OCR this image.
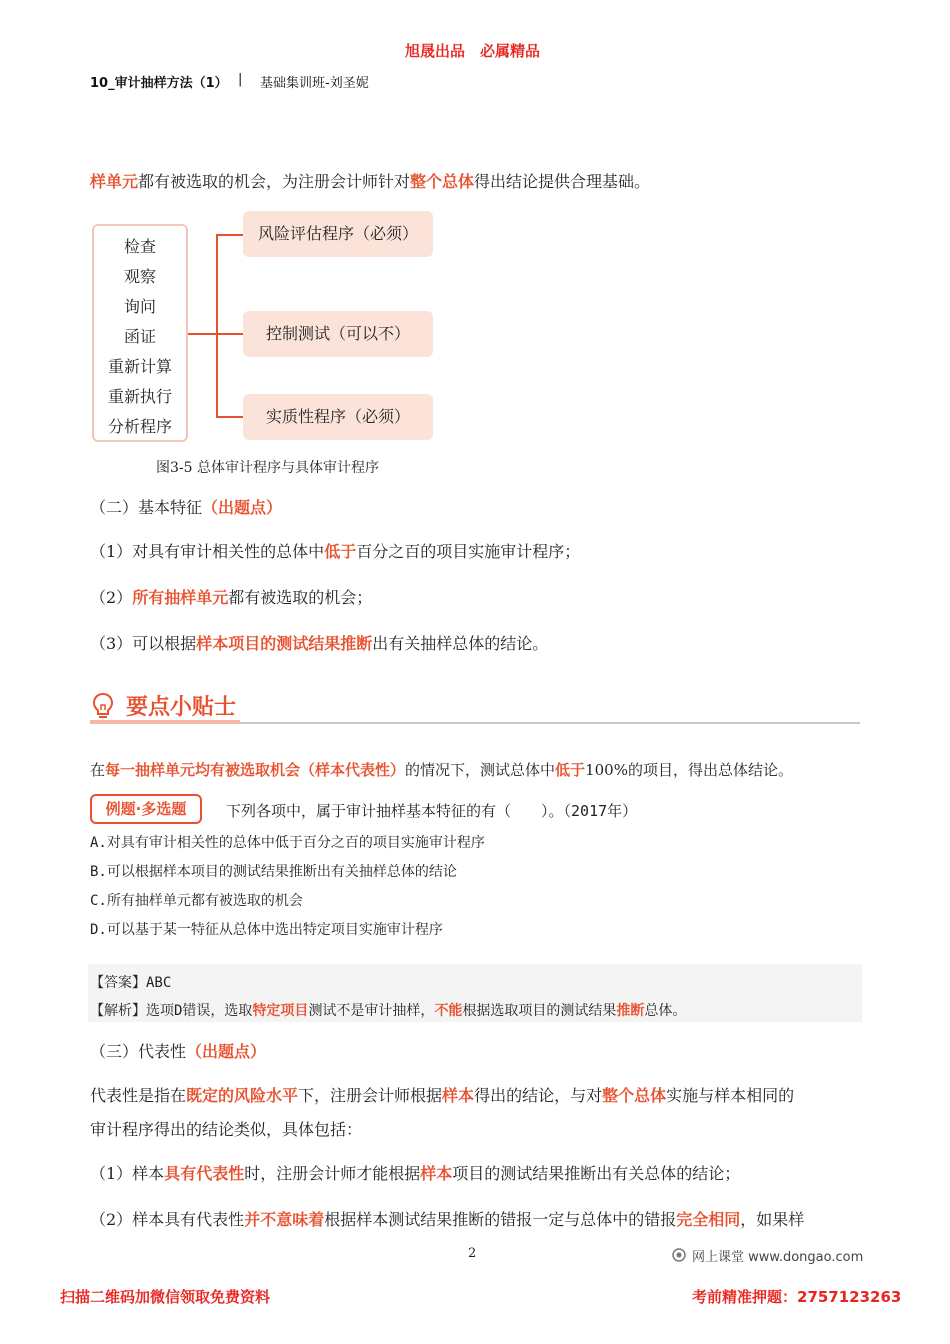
旭晟出品　必属精品
10_审计抽样方法（1） | 基础集训班-刘圣妮
样单元都有被选取的机会，为注册会计师针对整个总体得出结论提供合理基础。
检查
观察
询问
函证
重新计算
重新执行
分析程序
风险评估程序（必须）
控制测试（可以不）
实质性程序（必须）
图3-5 总体审计程序与具体审计程序
（二）基本特征（出题点）
（1）对具有审计相关性的总体中低于百分之百的项目实施审计程序；
（2）所有抽样单元都有被选取的机会；
（3）可以根据样本项目的测试结果推断出有关抽样总体的结论。
要点小贴士
在每一抽样单元均有被选取机会（样本代表性）的情况下，测试总体中低于100%的项目，得出总体结论。
例题·多选题	下列各项中，属于审计抽样基本特征的有（　　）。（2017年）
A.对具有审计相关性的总体中低于百分之百的项目实施审计程序
B.可以根据样本项目的测试结果推断出有关抽样总体的结论
C.所有抽样单元都有被选取的机会
D.可以基于某一特征从总体中选出特定项目实施审计程序
【答案】ABC
【解析】选项D错误，选取特定项目测试不是审计抽样，不能根据选取项目的测试结果推断总体。
（三）代表性（出题点）
代表性是指在既定的风险水平下，注册会计师根据样本得出的结论，与对整个总体实施与样本相同的
审计程序得出的结论类似，具体包括：
（1）样本具有代表性时，注册会计师才能根据样本项目的测试结果推断出有关总体的结论；
（2）样本具有代表性并不意味着根据样本测试结果推断的错报一定与总体中的错报完全相同，如果样
2	网上课堂 www.dongao.com
扫描二维码加微信领取免费资料	考前精准押题：2757123263
